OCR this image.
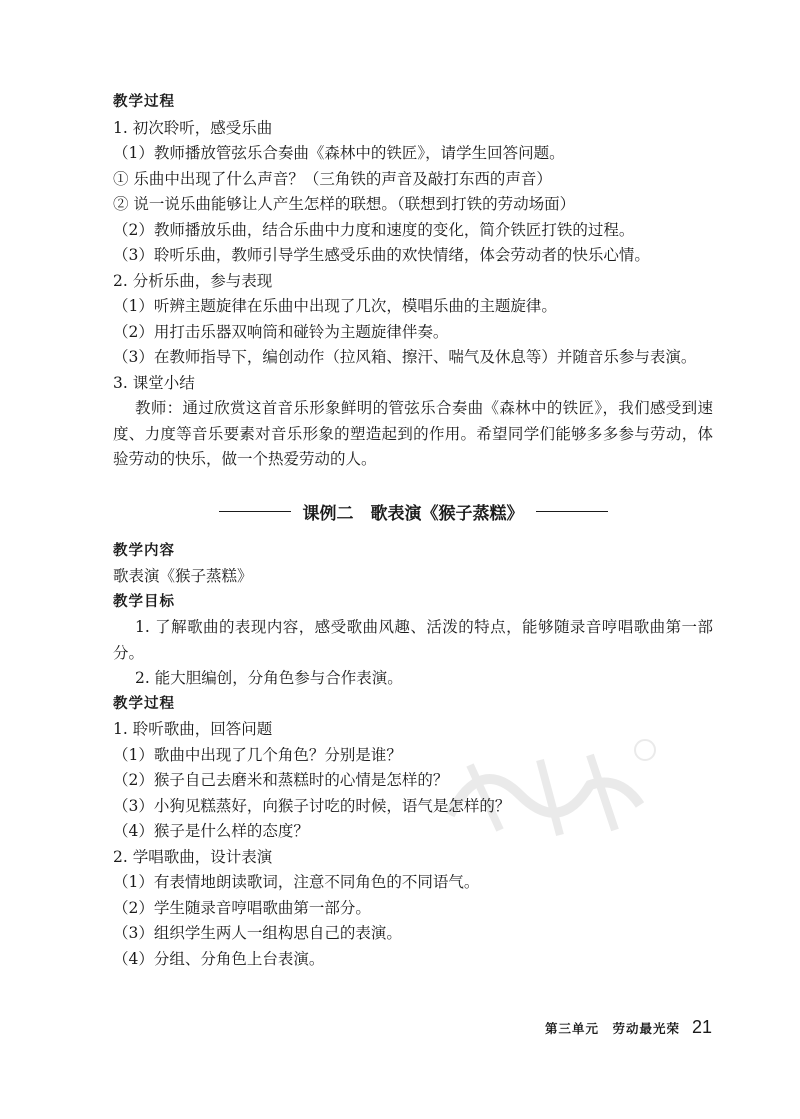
教学过程
1. 初次聆听，感受乐曲
（1）教师播放管弦乐合奏曲《森林中的铁匠》，请学生回答问题。
① 乐曲中出现了什么声音？（三角铁的声音及敲打东西的声音）
② 说一说乐曲能够让人产生怎样的联想。（联想到打铁的劳动场面）
（2）教师播放乐曲，结合乐曲中力度和速度的变化，简介铁匠打铁的过程。
（3）聆听乐曲，教师引导学生感受乐曲的欢快情绪，体会劳动者的快乐心情。
2. 分析乐曲，参与表现
（1）听辨主题旋律在乐曲中出现了几次，模唱乐曲的主题旋律。
（2）用打击乐器双响筒和碰铃为主题旋律伴奏。
（3）在教师指导下，编创动作（拉风箱、擦汗、喘气及休息等）并随音乐参与表演。
3. 课堂小结

教师：通过欣赏这首音乐形象鲜明的管弦乐合奏曲《森林中的铁匠》，我们感受到速度、力度等音乐要素对音乐形象的塑造起到的作用。希望同学们能够多多参与劳动，体验劳动的快乐，做一个热爱劳动的人。

课例二　歌表演《猴子蒸糕》
教学内容
歌表演《猴子蒸糕》
教学目标

1. 了解歌曲的表现内容，感受歌曲风趣、活泼的特点，能够随录音哼唱歌曲第一部分。

2. 能大胆编创，分角色参与合作表演。

教学过程
1. 聆听歌曲，回答问题
（1）歌曲中出现了几个角色？分别是谁？
（2）猴子自己去磨米和蒸糕时的心情是怎样的？
（3）小狗见糕蒸好，向猴子讨吃的时候，语气是怎样的？
（4）猴子是什么样的态度？
2. 学唱歌曲，设计表演
（1）有表情地朗读歌词，注意不同角色的不同语气。
（2）学生随录音哼唱歌曲第一部分。
（3）组织学生两人一组构思自己的表演。
（4）分组、分角色上台表演。
第三单元　劳动最光荣 21
